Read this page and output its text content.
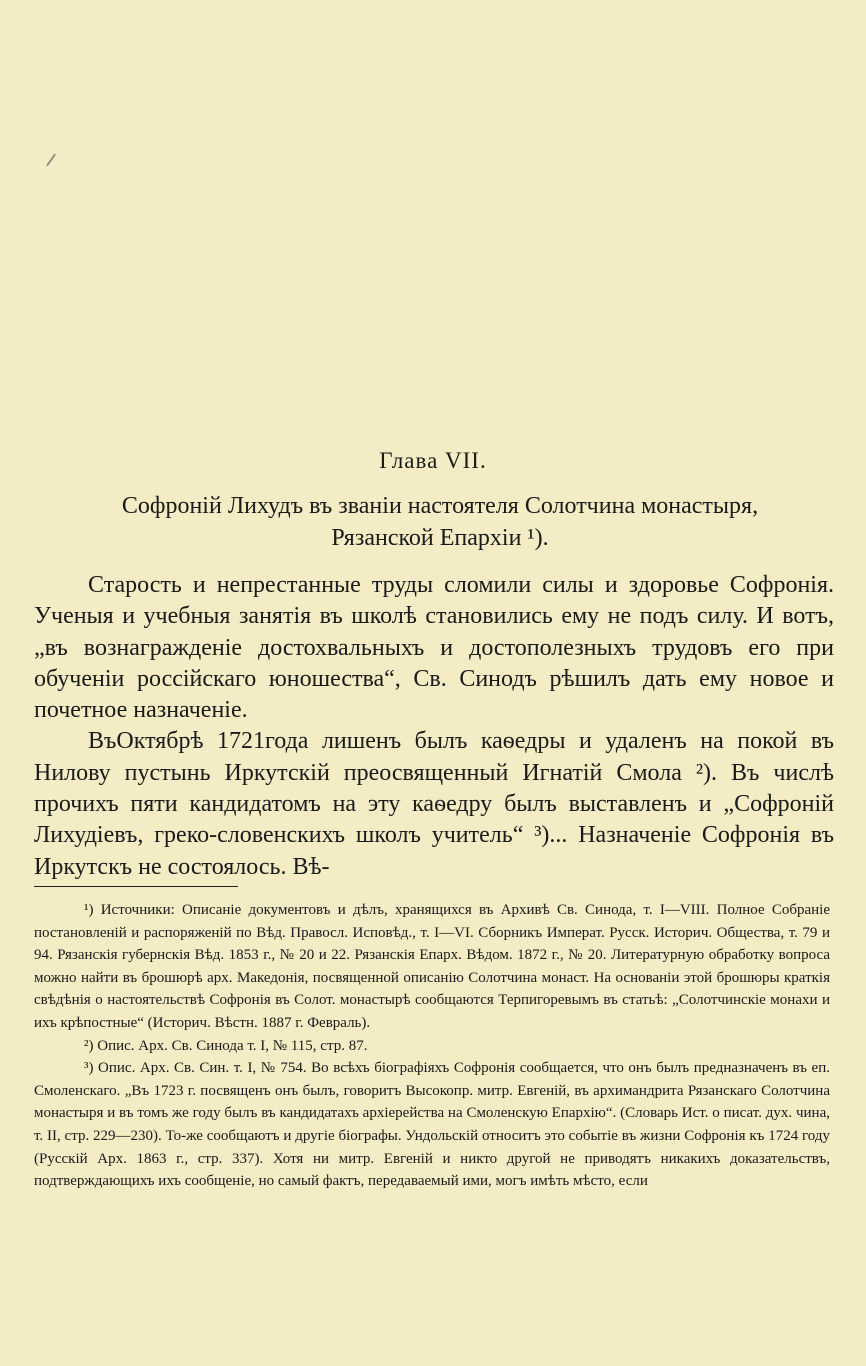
Глава VII.
Софроній Лихудъ въ званіи настоятеля Солотчина монастыря,
Рязанской Епархіи ¹).

Старость и непрестанные труды сломили силы и здоровье Софронія. Ученыя и учебныя занятія въ школѣ становились ему не подъ силу. И вотъ, „въ вознагражденіе достохвальныхъ и достополезныхъ трудовъ его при обученіи россійскаго юношества“, Св. Синодъ рѣшилъ дать ему новое и почетное назначеніе.

ВъОктябрѣ 1721года лишенъ былъ каѳедры и удаленъ на покой въ Нилову пустынь Иркутскій преосвященный Игнатій Смола ²). Въ числѣ прочихъ пяти кандидатомъ на эту каѳедру былъ выставленъ и „Софроній Лихудіевъ, греко-словенскихъ школъ учитель“ ³)... Назначеніе Софронія въ Иркутскъ не состоялось. Вѣ-

¹) Источники: Описаніе документовъ и дѣлъ, хранящихся въ Архивѣ Св. Синода, т. I—VIII. Полное Собраніе постановленій и распоряженій по Вѣд. Правосл. Исповѣд., т. I—VI. Сборникъ Императ. Русск. Историч. Общества, т. 79 и 94. Рязанскія губернскія Вѣд. 1853 г., № 20 и 22. Рязанскія Епарх. Вѣдом. 1872 г., № 20. Литературную обработку вопроса можно найти въ брошюрѣ арх. Македонія, посвященной описанію Солотчина монаст. На основаніи этой брошюры краткія свѣдѣнія о настоятельствѣ Софронія въ Солот. монастырѣ сообщаются Терпигоревымъ въ статьѣ: „Солотчинскіе монахи и ихъ крѣпостные“ (Историч. Вѣстн. 1887 г. Февраль).

²) Опис. Арх. Св. Синода т. I, № 115, стр. 87.

³) Опис. Арх. Св. Син. т. I, № 754. Во всѣхъ біографіяхъ Софронія сообщается, что онъ былъ предназначенъ въ еп. Смоленскаго. „Въ 1723 г. посвященъ онъ былъ, говоритъ Высокопр. митр. Евгеній, въ архимандрита Рязанскаго Солотчина монастыря и въ томъ же году былъ въ кандидатахъ архіерейства на Смоленскую Епархію“. (Словарь Ист. о писат. дух. чина, т. II, стр. 229—230). То-же сообщаютъ и другіе біографы. Ундольскій относитъ это событіе въ жизни Софронія къ 1724 году (Русскій Арх. 1863 г., стр. 337). Хотя ни митр. Евгеній и никто другой не приводятъ никакихъ доказательствъ, подтверждающихъ ихъ сообщеніе, но самый фактъ, передаваемый ими, могъ имѣть мѣсто, если
